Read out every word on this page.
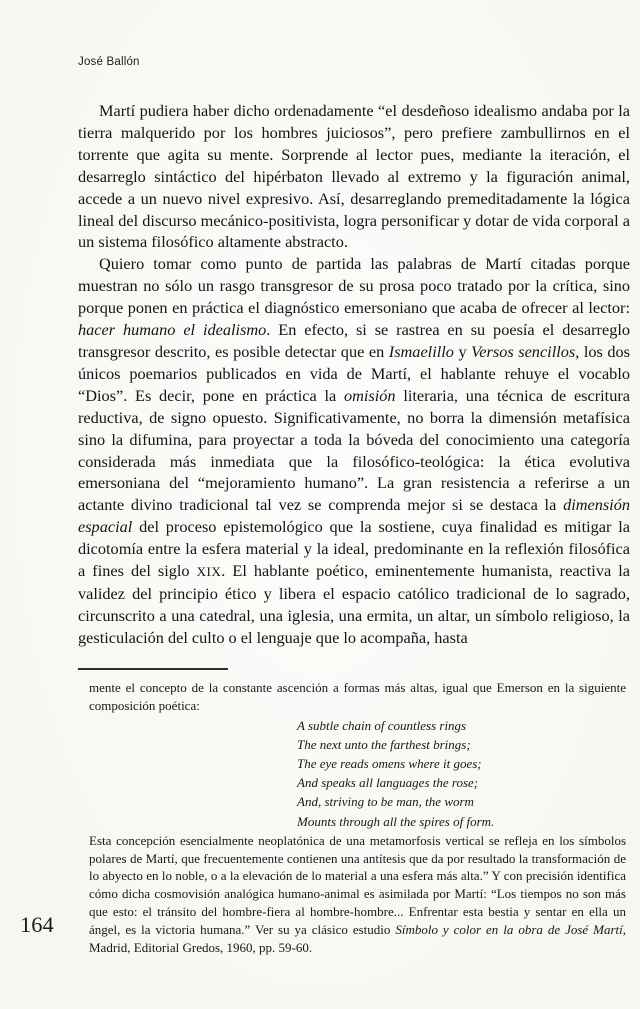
José Ballón

Martí pudiera haber dicho ordenadamente “el desdeñoso idealismo andaba por la tierra malquerido por los hombres juiciosos”, pero prefiere zambullirnos en el torrente que agita su mente. Sorprende al lector pues, mediante la iteración, el desarreglo sintáctico del hipérbaton llevado al extremo y la figuración animal, accede a un nuevo nivel expresivo. Así, desarreglando premeditadamente la lógica lineal del discurso mecánico-positivista, logra personificar y dotar de vida corporal a un sistema filosófico altamente abstracto.

Quiero tomar como punto de partida las palabras de Martí citadas porque muestran no sólo un rasgo transgresor de su prosa poco tratado por la crítica, sino porque ponen en práctica el diagnóstico emersoniano que acaba de ofrecer al lector: hacer humano el idealismo. En efecto, si se rastrea en su poesía el desarreglo transgresor descrito, es posible detectar que en Ismaelillo y Versos sencillos, los dos únicos poemarios publicados en vida de Martí, el hablante rehuye el vocablo “Dios”. Es decir, pone en práctica la omisión literaria, una técnica de escritura reductiva, de signo opuesto. Significativamente, no borra la dimensión metafísica sino la difumina, para proyectar a toda la bóveda del conocimiento una categoría considerada más inmediata que la filosófico-teológica: la ética evolutiva emersoniana del “mejoramiento humano”. La gran resistencia a referirse a un actante divino tradicional tal vez se comprenda mejor si se destaca la dimensión espacial del proceso epistemológico que la sostiene, cuya finalidad es mitigar la dicotomía entre la esfera material y la ideal, predominante en la reflexión filosófica a fines del siglo XIX. El hablante poético, eminentemente humanista, reactiva la validez del principio ético y libera el espacio católico tradicional de lo sagrado, circunscrito a una catedral, una iglesia, una ermita, un altar, un símbolo religioso, la gesticulación del culto o el lenguaje que lo acompaña, hasta

mente el concepto de la constante ascención a formas más altas, igual que Emerson en la siguiente composición poética:

A subtle chain of countless rings
The next unto the farthest brings;
The eye reads omens where it goes;
And speaks all languages the rose;
And, striving to be man, the worm
Mounts through all the spires of form.

Esta concepción esencialmente neoplatónica de una metamorfosis vertical se refleja en los símbolos polares de Martí, que frecuentemente contienen una antítesis que da por resultado la transformación de lo abyecto en lo noble, o a la elevación de lo material a una esfera más alta.” Y con precisión identifica cómo dicha cosmovisión analógica humano-animal es asimilada por Martí: “Los tiempos no son más que esto: el tránsito del hombre-fiera al hombre-hombre... Enfrentar esta bestia y sentar en ella un ángel, es la victoria humana.” Ver su ya clásico estudio Símbolo y color en la obra de José Martí, Madrid, Editorial Gredos, 1960, pp. 59-60.

164
